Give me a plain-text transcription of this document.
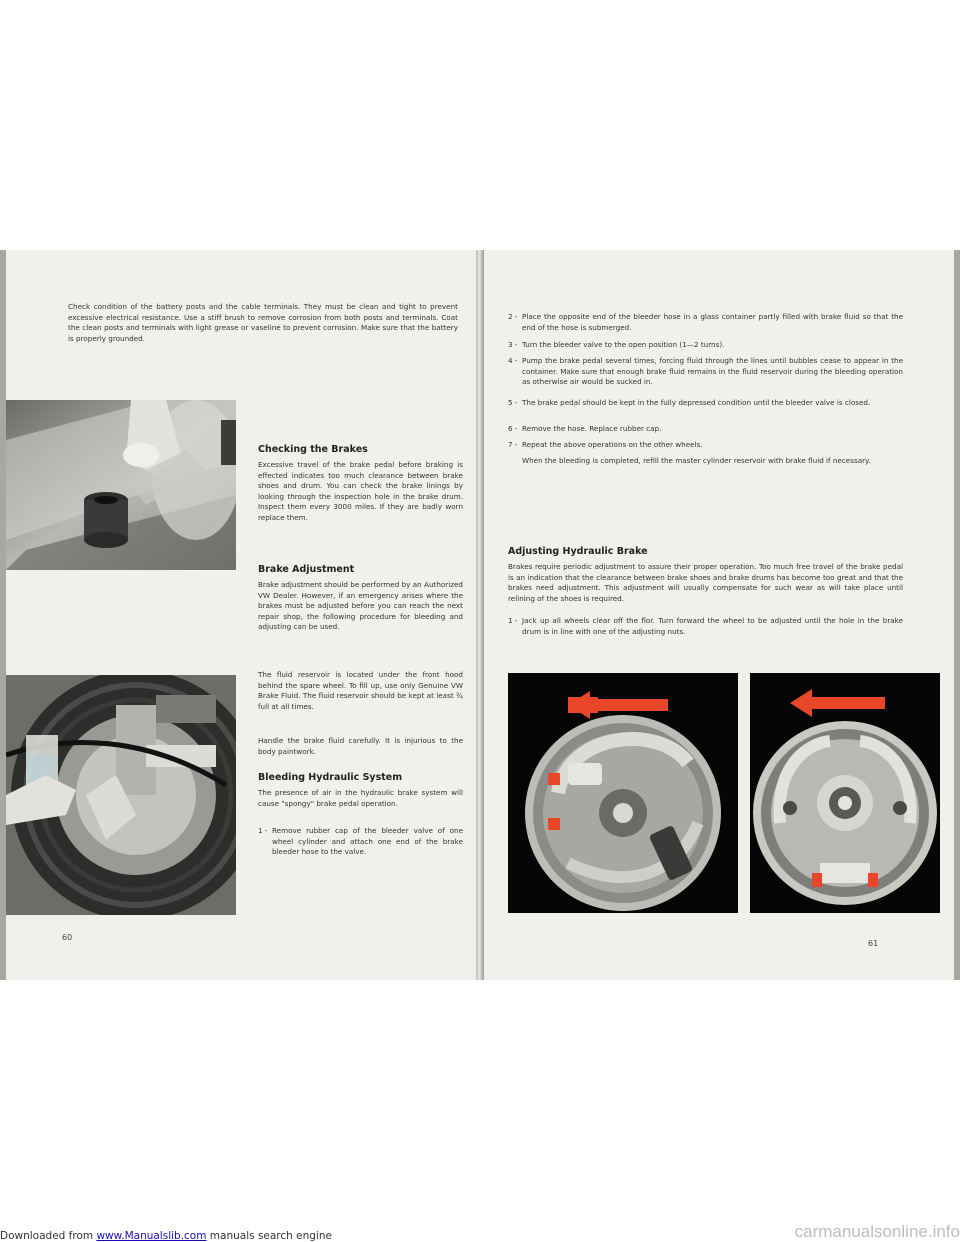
Check condition of the battery posts and the cable terminals. They must be clean and tight to prevent excessive electrical resistance. Use a stiff brush to remove corrosion from both posts and terminals. Coat the clean posts and terminals with light grease or vaseline to prevent corrosion. Make sure that the battery is properly grounded.

Checking the Brakes

Excessive travel of the brake pedal before braking is effected indicates too much clearance between brake shoes and drum. You can check the brake linings by looking through the inspection hole in the brake drum. Inspect them every 3000 miles. If they are badly worn replace them.

Brake Adjustment

Brake adjustment should be performed by an Authorized VW Dealer. However, if an emergency arises where the brakes must be adjusted before you can reach the next repair shop, the following procedure for bleeding and adjusting can be used.

The fluid reservoir is located under the front hood behind the spare wheel. To fill up, use only Genuine VW Brake Fluid. The fluid reservoir should be kept at least ¾ full at all times.

Handle the brake fluid carefully. It is injurious to the body paintwork.

Bleeding Hydraulic System

The presence of air in the hydraulic brake system will cause "spongy" brake pedal operation.

1 - Remove rubber cap of the bleeder valve of one wheel cylinder and attach one end of the brake bleeder hose to the valve.
60
2 - Place the opposite end of the bleeder hose in a glass container partly filled with brake fluid so that the end of the hose is submerged.
3 - Turn the bleeder valve to the open position (1—2 turns).
4 - Pump the brake pedal several times, forcing fluid through the lines until bubbles cease to appear in the container. Make sure that enough brake fluid remains in the fluid reservoir during the bleeding operation as otherwise air would be sucked in.
5 - The brake pedal should be kept in the fully depressed condition until the bleeder valve is closed.
6 - Remove the hose. Replace rubber cap.
7 - Repeat the above operations on the other wheels.

When the bleeding is completed, refill the master cylinder reservoir with brake fluid if necessary.

Adjusting Hydraulic Brake

Brakes require periodic adjustment to assure their proper operation. Too much free travel of the brake pedal is an indication that the clearance between brake shoes and brake drums has become too great and that the brakes need adjustment. This adjustment will usually compensate for such wear as will take place until relining of the shoes is required.

1 - Jack up all wheels clear off the flor. Turn forward the wheel to be adjusted until the hole in the brake drum is in line with one of the adjusting nuts.
61
Downloaded from www.Manualslib.com manuals search engine	carmanualsonline.info
